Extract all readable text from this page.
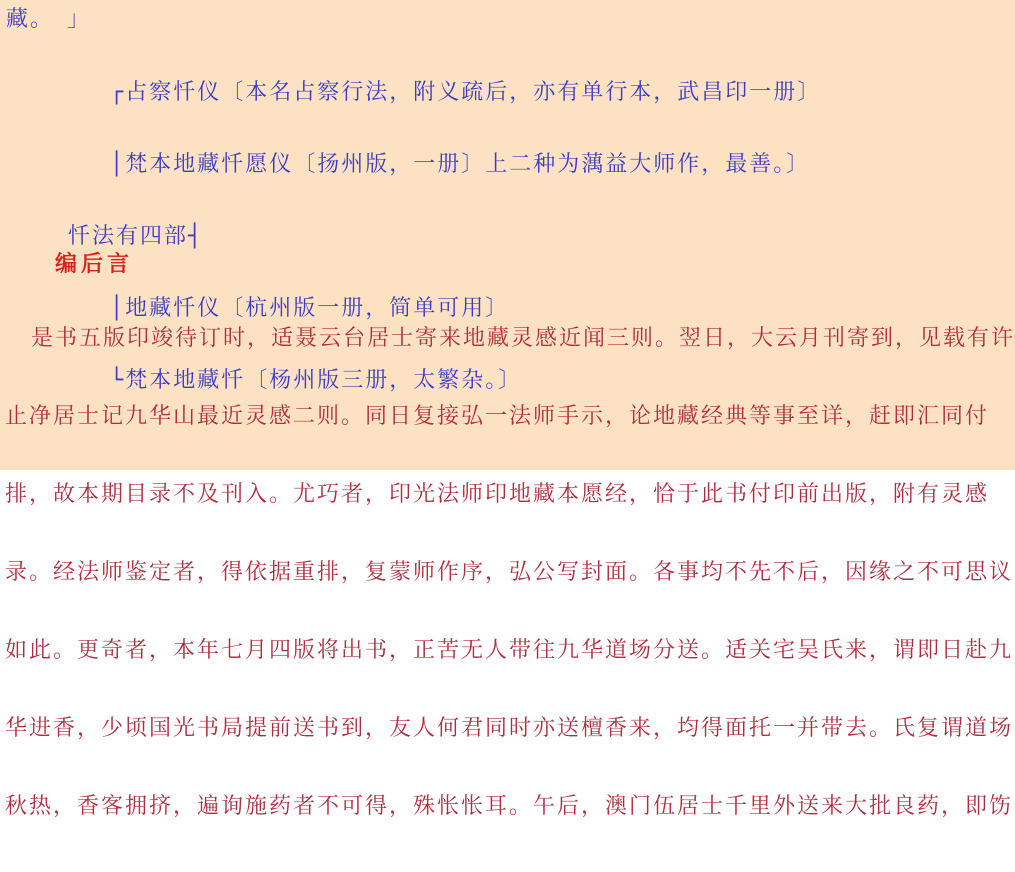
藏。　」

┌占察忏仪〔本名占察行法，附义疏后，亦有单行本，武昌印一册〕

│梵本地藏忏愿仪〔扬州版，一册〕上二种为蕅益大师作，最善。〕

忏法有四部┤

│地藏忏仪〔杭州版一册，简单可用〕

└梵本地藏忏〔杨州版三册，太繁杂。〕

编后言

是书五版印竣待订时，适聂云台居士寄来地藏灵感近闻三则。翌日，大云月刊寄到，见载有许

止净居士记九华山最近灵感二则。同日复接弘一法师手示，论地藏经典等事至详，赶即汇同付

排，故本期目录不及刊入。尤巧者，印光法师印地藏本愿经，恰于此书付印前出版，附有灵感

录。经法师鉴定者，得依据重排，复蒙师作序，弘公写封面。各事均不先不后，因缘之不可思议

如此。更奇者，本年七月四版将出书，正苦无人带往九华道场分送。适关宅吴氏来，谓即日赴九

华进香，少顷国光书局提前送书到，友人何君同时亦送檀香来，均得面托一并带去。氏复谓道场

秋热，香客拥挤，遍询施药者不可得，殊怅怅耳。午后，澳门伍居士千里外送来大批良药，即饬
